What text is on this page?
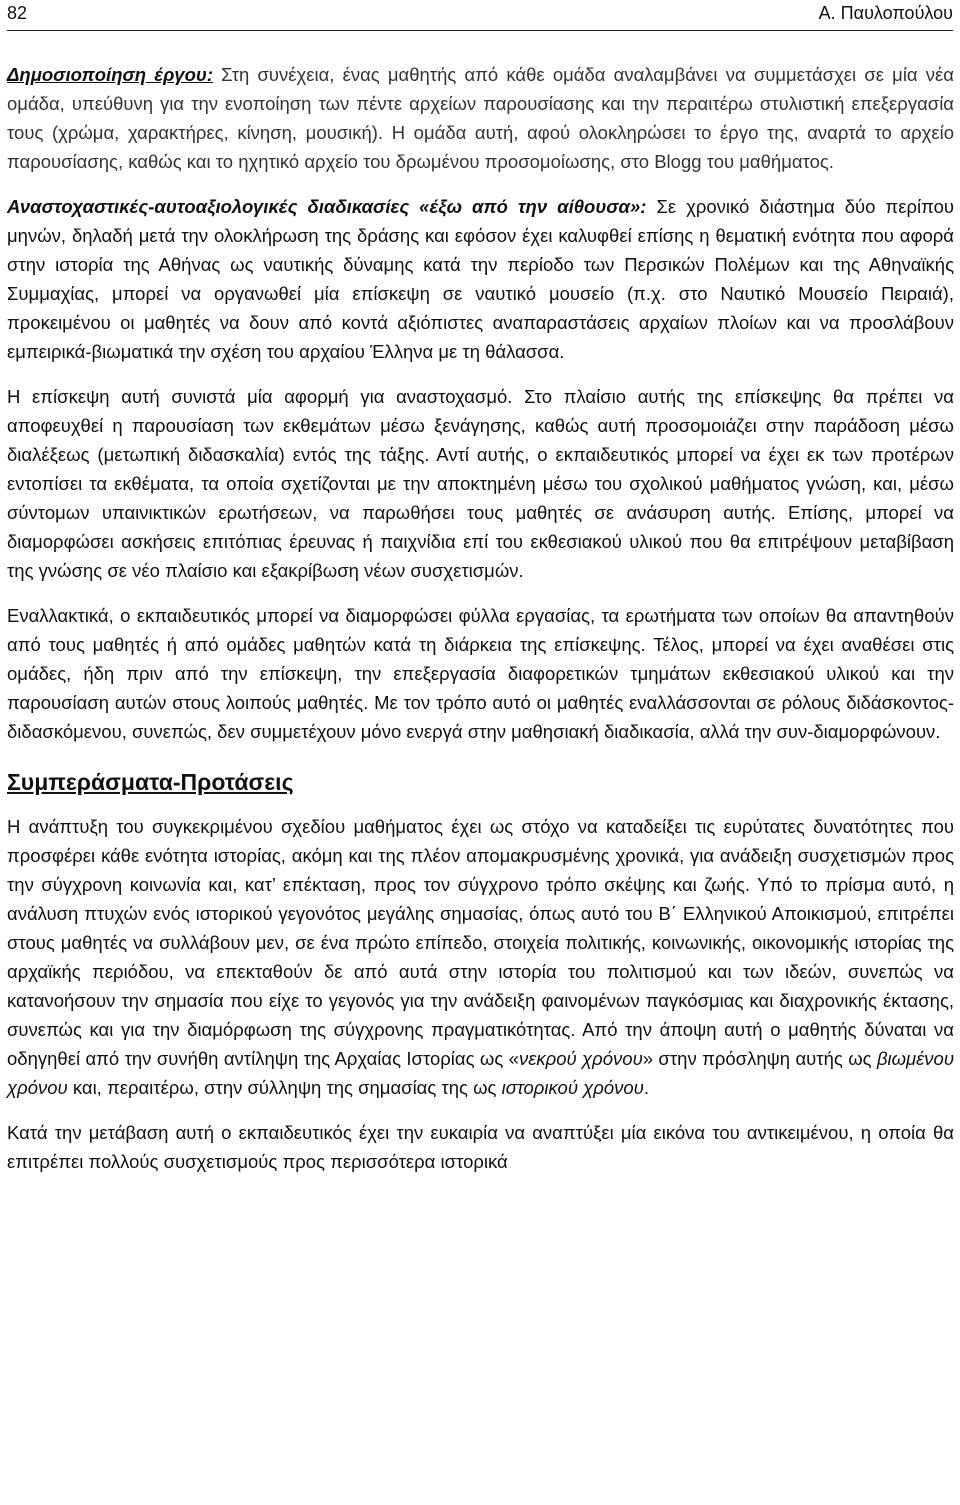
82	Α. Παυλοπούλου

Δημοσιοποίηση έργου: Στη συνέχεια, ένας μαθητής από κάθε ομάδα αναλαμβάνει να συμμετάσχει σε μία νέα ομάδα, υπεύθυνη για την ενοποίηση των πέντε αρχείων παρουσίασης και την περαιτέρω στυλιστική επεξεργασία τους (χρώμα, χαρακτήρες, κίνηση, μουσική). Η ομάδα αυτή, αφού ολοκληρώσει το έργο της, αναρτά το αρχείο παρουσίασης, καθώς και το ηχητικό αρχείο του δρωμένου προσομοίωσης, στο Blogg του μαθήματος.

Αναστοχαστικές-αυτοαξιολογικές διαδικασίες «έξω από την αίθουσα»: Σε χρονικό διάστημα δύο περίπου μηνών, δηλαδή μετά την ολοκλήρωση της δράσης και εφόσον έχει καλυφθεί επίσης η θεματική ενότητα που αφορά στην ιστορία της Αθήνας ως ναυτικής δύναμης κατά την περίοδο των Περσικών Πολέμων και της Αθηναϊκής Συμμαχίας, μπορεί να οργανωθεί μία επίσκεψη σε ναυτικό μουσείο (π.χ. στο Ναυτικό Μουσείο Πειραιά), προκειμένου οι μαθητές να δουν από κοντά αξιόπιστες αναπαραστάσεις αρχαίων πλοίων και να προσλάβουν εμπειρικά-βιωματικά την σχέση του αρχαίου Έλληνα με τη θάλασσα.

Η επίσκεψη αυτή συνιστά μία αφορμή για αναστοχασμό. Στο πλαίσιο αυτής της επίσκεψης θα πρέπει να αποφευχθεί η παρουσίαση των εκθεμάτων μέσω ξενάγησης, καθώς αυτή προσομοιάζει στην παράδοση μέσω διαλέξεως (μετωπική διδασκαλία) εντός της τάξης. Αντί αυτής, ο εκπαιδευτικός μπορεί να έχει εκ των προτέρων εντοπίσει τα εκθέματα, τα οποία σχετίζονται με την αποκτημένη μέσω του σχολικού μαθήματος γνώση, και, μέσω σύντομων υπαινικτικών ερωτήσεων, να παρωθήσει τους μαθητές σε ανάσυρση αυτής. Επίσης, μπορεί να διαμορφώσει ασκήσεις επιτόπιας έρευνας ή παιχνίδια επί του εκθεσιακού υλικού που θα επιτρέψουν μεταβίβαση της γνώσης σε νέο πλαίσιο και εξακρίβωση νέων συσχετισμών.

Εναλλακτικά, ο εκπαιδευτικός μπορεί να διαμορφώσει φύλλα εργασίας, τα ερωτήματα των οποίων θα απαντηθούν από τους μαθητές ή από ομάδες μαθητών κατά τη διάρκεια της επίσκεψης. Τέλος, μπορεί να έχει αναθέσει στις ομάδες, ήδη πριν από την επίσκεψη, την επεξεργασία διαφορετικών τμημάτων εκθεσιακού υλικού και την παρουσίαση αυτών στους λοιπούς μαθητές. Με τον τρόπο αυτό οι μαθητές εναλλάσσονται σε ρόλους διδάσκοντος-διδασκόμενου, συνεπώς, δεν συμμετέχουν μόνο ενεργά στην μαθησιακή διαδικασία, αλλά την συν-διαμορφώνουν.

Συμπεράσματα-Προτάσεις

Η ανάπτυξη του συγκεκριμένου σχεδίου μαθήματος έχει ως στόχο να καταδείξει τις ευρύτατες δυνατότητες που προσφέρει κάθε ενότητα ιστορίας, ακόμη και της πλέον απομακρυσμένης χρονικά, για ανάδειξη συσχετισμών προς την σύγχρονη κοινωνία και, κατ’ επέκταση, προς τον σύγχρονο τρόπο σκέψης και ζωής. Υπό το πρίσμα αυτό, η ανάλυση πτυχών ενός ιστορικού γεγονότος μεγάλης σημασίας, όπως αυτό του Β΄ Ελληνικού Αποικισμού, επιτρέπει στους μαθητές να συλλάβουν μεν, σε ένα πρώτο επίπεδο, στοιχεία πολιτικής, κοινωνικής, οικονομικής ιστορίας της αρχαϊκής περιόδου, να επεκταθούν δε από αυτά στην ιστορία του πολιτισμού και των ιδεών, συνεπώς να κατανοήσουν την σημασία που είχε το γεγονός για την ανάδειξη φαινομένων παγκόσμιας και διαχρονικής έκτασης, συνεπώς και για την διαμόρφωση της σύγχρονης πραγματικότητας. Από την άποψη αυτή ο μαθητής δύναται να οδηγηθεί από την συνήθη αντίληψη της Αρχαίας Ιστορίας ως «νεκρού χρόνου» στην πρόσληψη αυτής ως βιωμένου χρόνου και, περαιτέρω, στην σύλληψη της σημασίας της ως ιστορικού χρόνου.

Κατά την μετάβαση αυτή ο εκπαιδευτικός έχει την ευκαιρία να αναπτύξει μία εικόνα του αντικειμένου, η οποία θα επιτρέπει πολλούς συσχετισμούς προς περισσότερα ιστορικά
